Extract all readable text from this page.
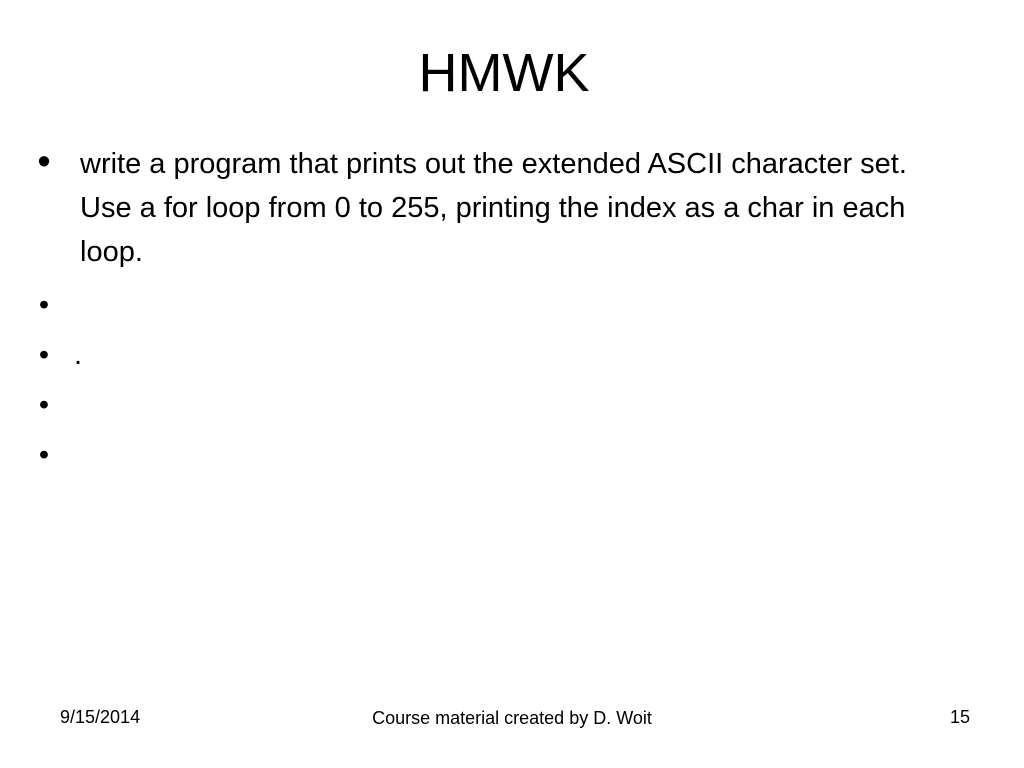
HMWK
• write a program that prints out the extended ASCII character set. Use a for loop from 0 to 255, printing the index as a char in each loop.
•
• .
•
•
9/15/2014	Course material created by D. Woit	15
